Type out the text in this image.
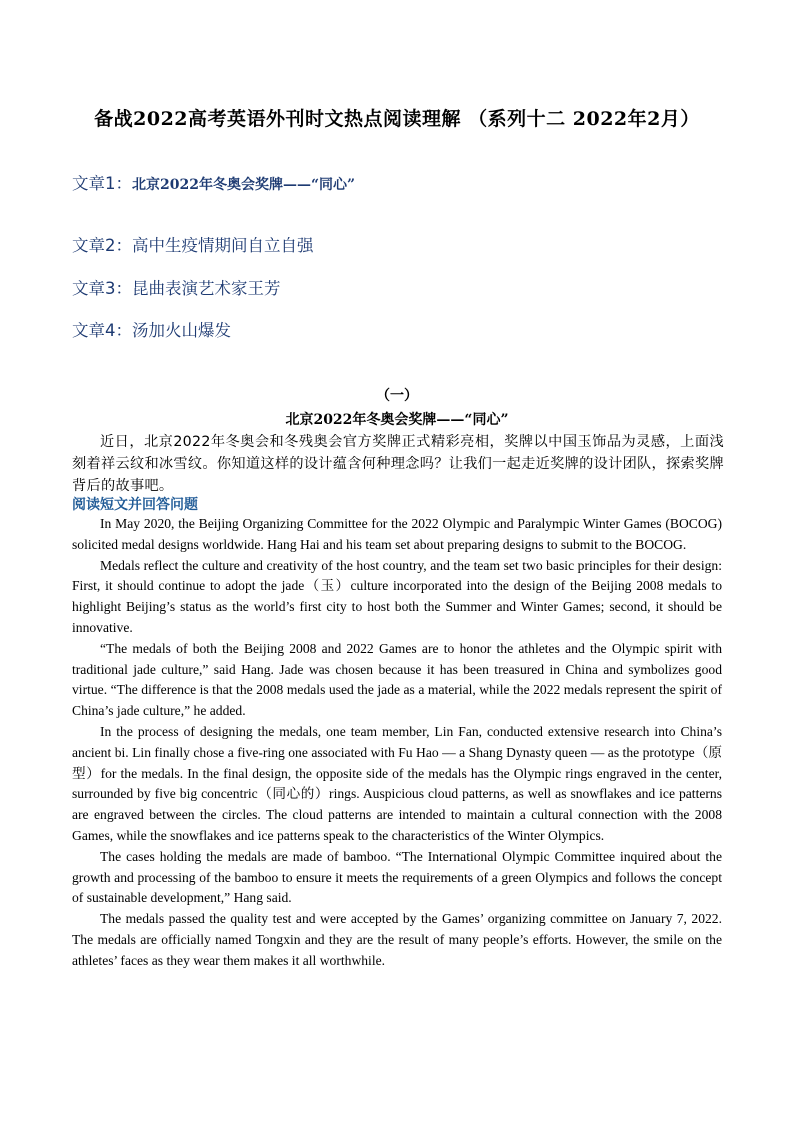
备战2022高考英语外刊时文热点阅读理解 （系列十二 2022年2月）
文章1：北京2022年冬奥会奖牌——“同心”
文章2：高中生疫情期间自立自强
文章3：昆曲表演艺术家王芳
文章4：汤加火山爆发

（一）

北京2022年冬奥会奖牌——“同心”

近日，北京2022年冬奥会和冬残奥会官方奖牌正式精彩亮相，奖牌以中国玉饰品为灵感，上面浅刻着祥云纹和冰雪纹。你知道这样的设计蕴含何种理念吗？让我们一起走近奖牌的设计团队，探索奖牌背后的故事吧。

阅读短文并回答问题

In May 2020, the Beijing Organizing Committee for the 2022 Olympic and Paralympic Winter Games (BOCOG) solicited medal designs worldwide. Hang Hai and his team set about preparing designs to submit to the BOCOG.

Medals reflect the culture and creativity of the host country, and the team set two basic principles for their design: First, it should continue to adopt the jade（玉）culture incorporated into the design of the Beijing 2008 medals to highlight Beijing’s status as the world’s first city to host both the Summer and Winter Games; second, it should be innovative.

“The medals of both the Beijing 2008 and 2022 Games are to honor the athletes and the Olympic spirit with traditional jade culture,” said Hang. Jade was chosen because it has been treasured in China and symbolizes good virtue. “The difference is that the 2008 medals used the jade as a material, while the 2022 medals represent the spirit of China’s jade culture,” he added.

In the process of designing the medals, one team member, Lin Fan, conducted extensive research into China’s ancient bi. Lin finally chose a five-ring one associated with Fu Hao — a Shang Dynasty queen — as the prototype（原型）for the medals. In the final design, the opposite side of the medals has the Olympic rings engraved in the center, surrounded by five big concentric（同心的）rings. Auspicious cloud patterns, as well as snowflakes and ice patterns are engraved between the circles. The cloud patterns are intended to maintain a cultural connection with the 2008 Games, while the snowflakes and ice patterns speak to the characteristics of the Winter Olympics.

The cases holding the medals are made of bamboo. “The International Olympic Committee inquired about the growth and processing of the bamboo to ensure it meets the requirements of a green Olympics and follows the concept of sustainable development,” Hang said.

The medals passed the quality test and were accepted by the Games’ organizing committee on January 7, 2022. The medals are officially named Tongxin and they are the result of many people’s efforts. However, the smile on the athletes’ faces as they wear them makes it all worthwhile.
